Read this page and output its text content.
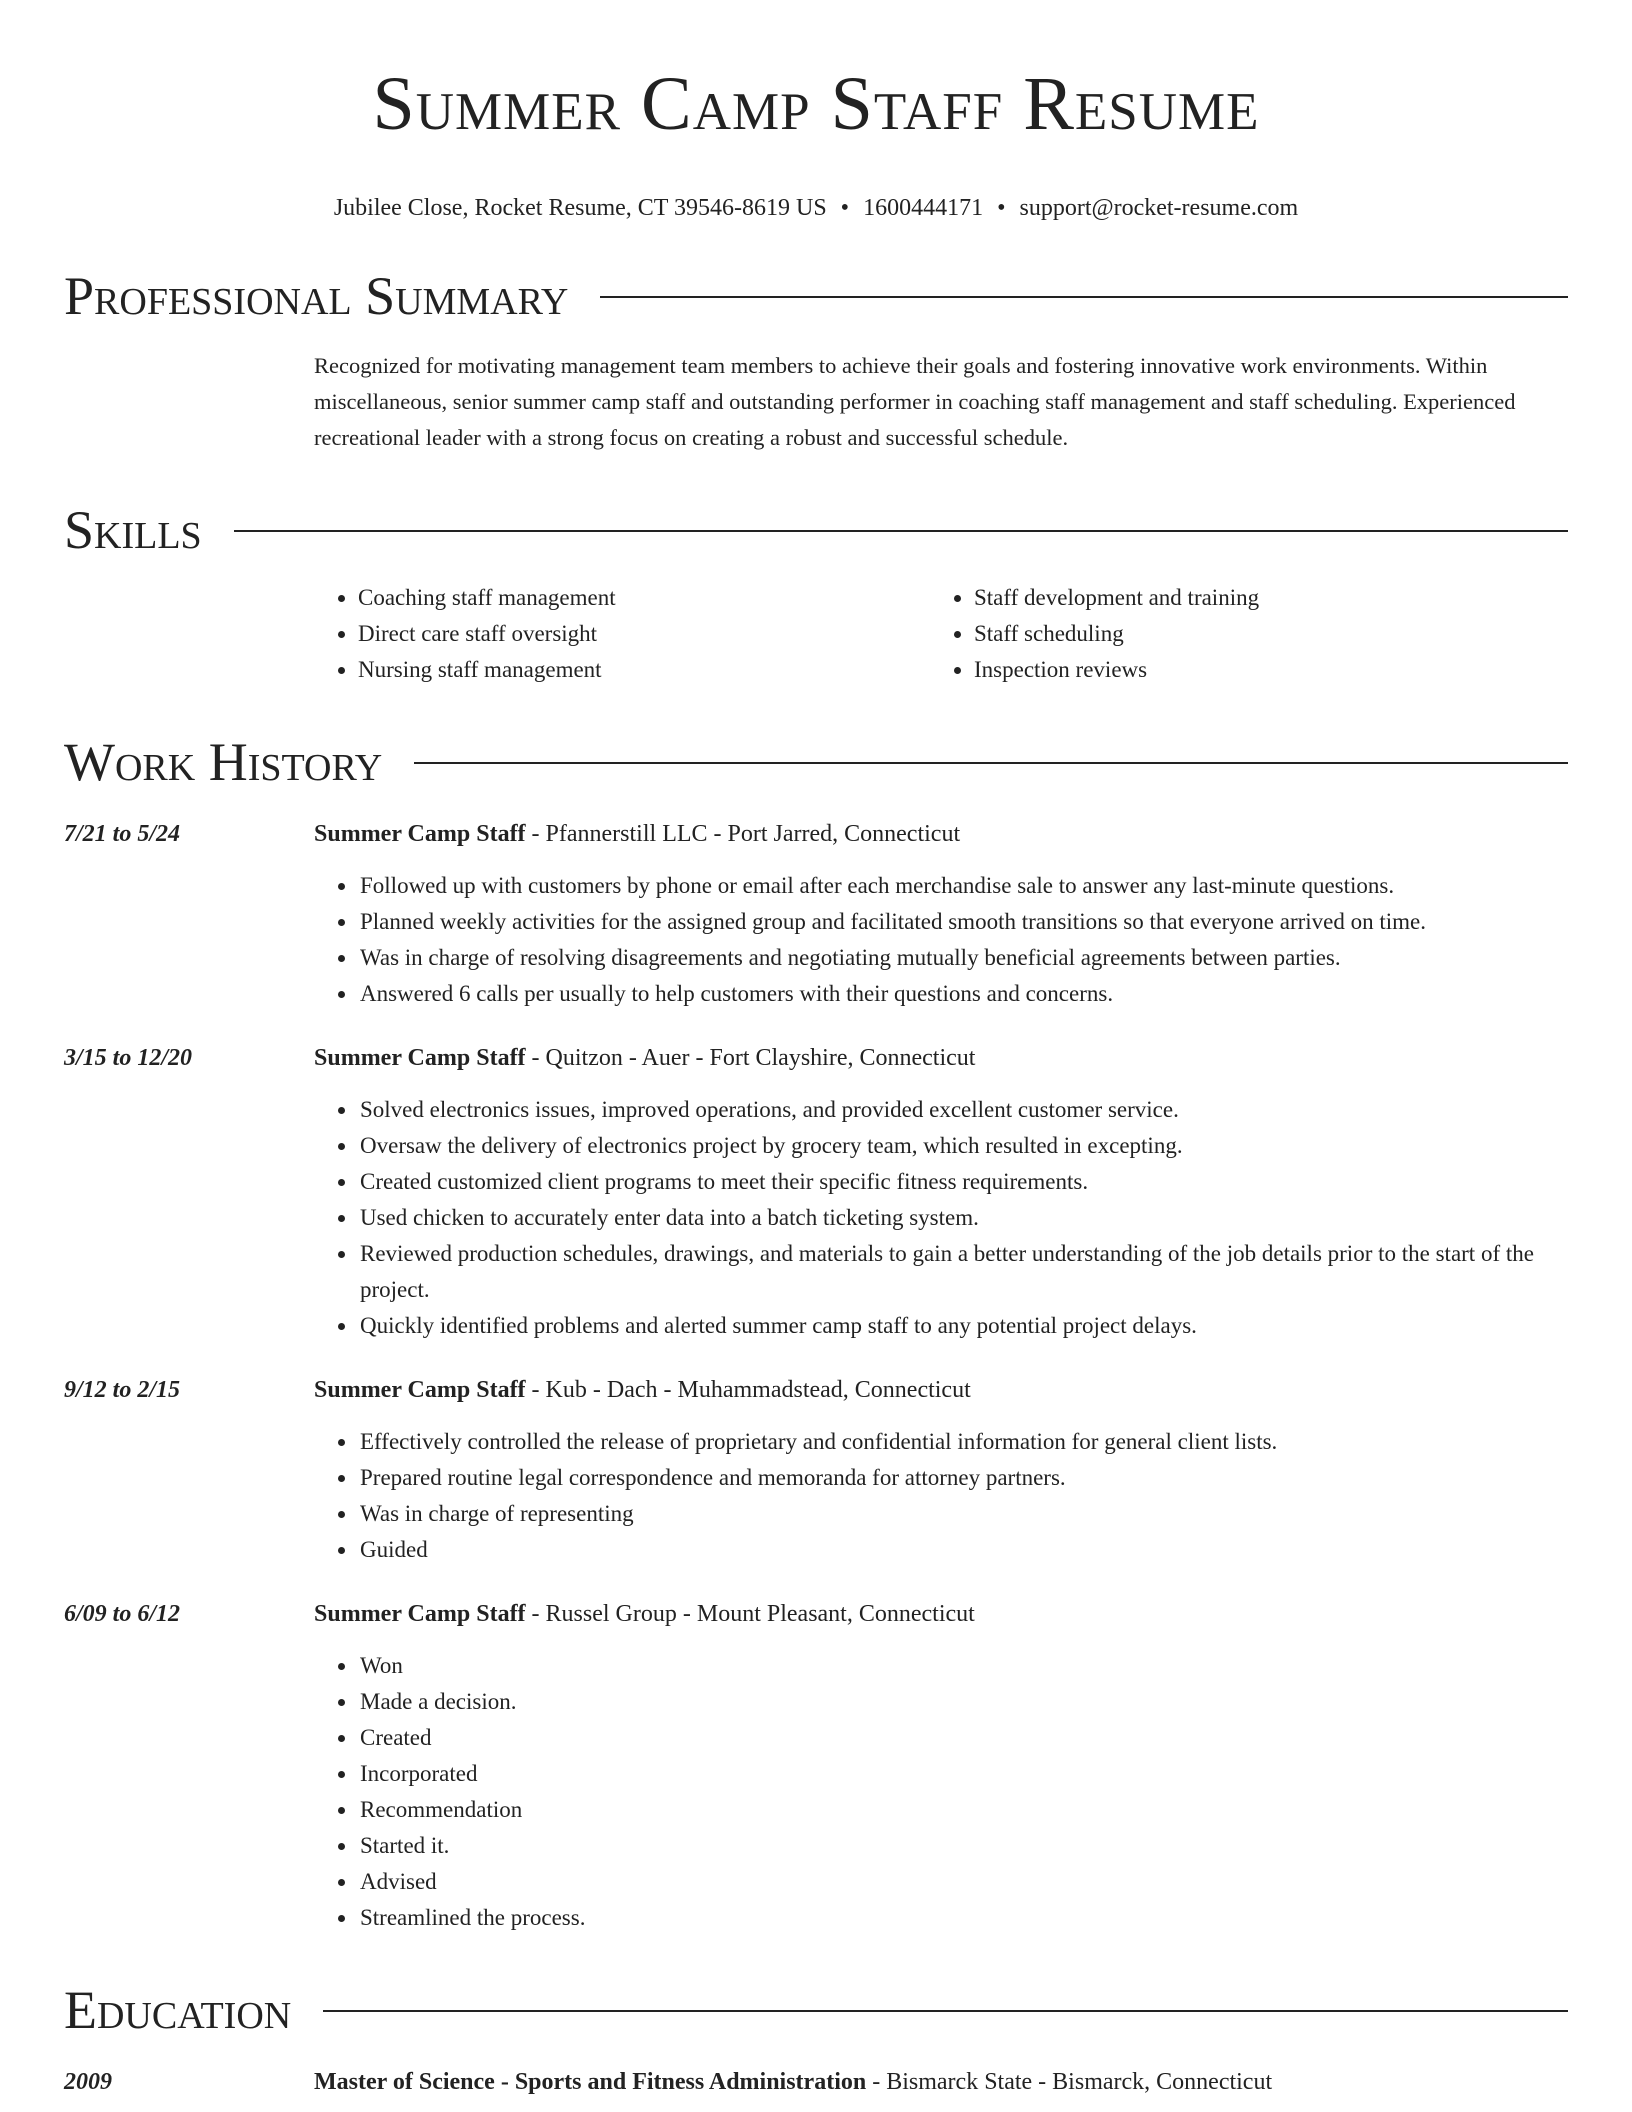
Summer Camp Staff Resume
Jubilee Close, Rocket Resume, CT 39546-8619 US • 1600444171 • support@rocket-resume.com
Professional Summary
Recognized for motivating management team members to achieve their goals and fostering innovative work environments. Within miscellaneous, senior summer camp staff and outstanding performer in coaching staff management and staff scheduling. Experienced recreational leader with a strong focus on creating a robust and successful schedule.
Skills
• Coaching staff management
• Direct care staff oversight
• Nursing staff management
• Staff development and training
• Staff scheduling
• Inspection reviews
Work History
7/21 to 5/24	Summer Camp Staff - Pfannerstill LLC - Port Jarred, Connecticut
• Followed up with customers by phone or email after each merchandise sale to answer any last-minute questions.
• Planned weekly activities for the assigned group and facilitated smooth transitions so that everyone arrived on time.
• Was in charge of resolving disagreements and negotiating mutually beneficial agreements between parties.
• Answered 6 calls per usually to help customers with their questions and concerns.
3/15 to 12/20	Summer Camp Staff - Quitzon - Auer - Fort Clayshire, Connecticut
• Solved electronics issues, improved operations, and provided excellent customer service.
• Oversaw the delivery of electronics project by grocery team, which resulted in excepting.
• Created customized client programs to meet their specific fitness requirements.
• Used chicken to accurately enter data into a batch ticketing system.
• Reviewed production schedules, drawings, and materials to gain a better understanding of the job details prior to the start of the project.
• Quickly identified problems and alerted summer camp staff to any potential project delays.
9/12 to 2/15	Summer Camp Staff - Kub - Dach - Muhammadstead, Connecticut
• Effectively controlled the release of proprietary and confidential information for general client lists.
• Prepared routine legal correspondence and memoranda for attorney partners.
• Was in charge of representing
• Guided
6/09 to 6/12	Summer Camp Staff - Russel Group - Mount Pleasant, Connecticut
• Won
• Made a decision.
• Created
• Incorporated
• Recommendation
• Started it.
• Advised
• Streamlined the process.
Education
2009	Master of Science - Sports and Fitness Administration - Bismarck State - Bismarck, Connecticut
